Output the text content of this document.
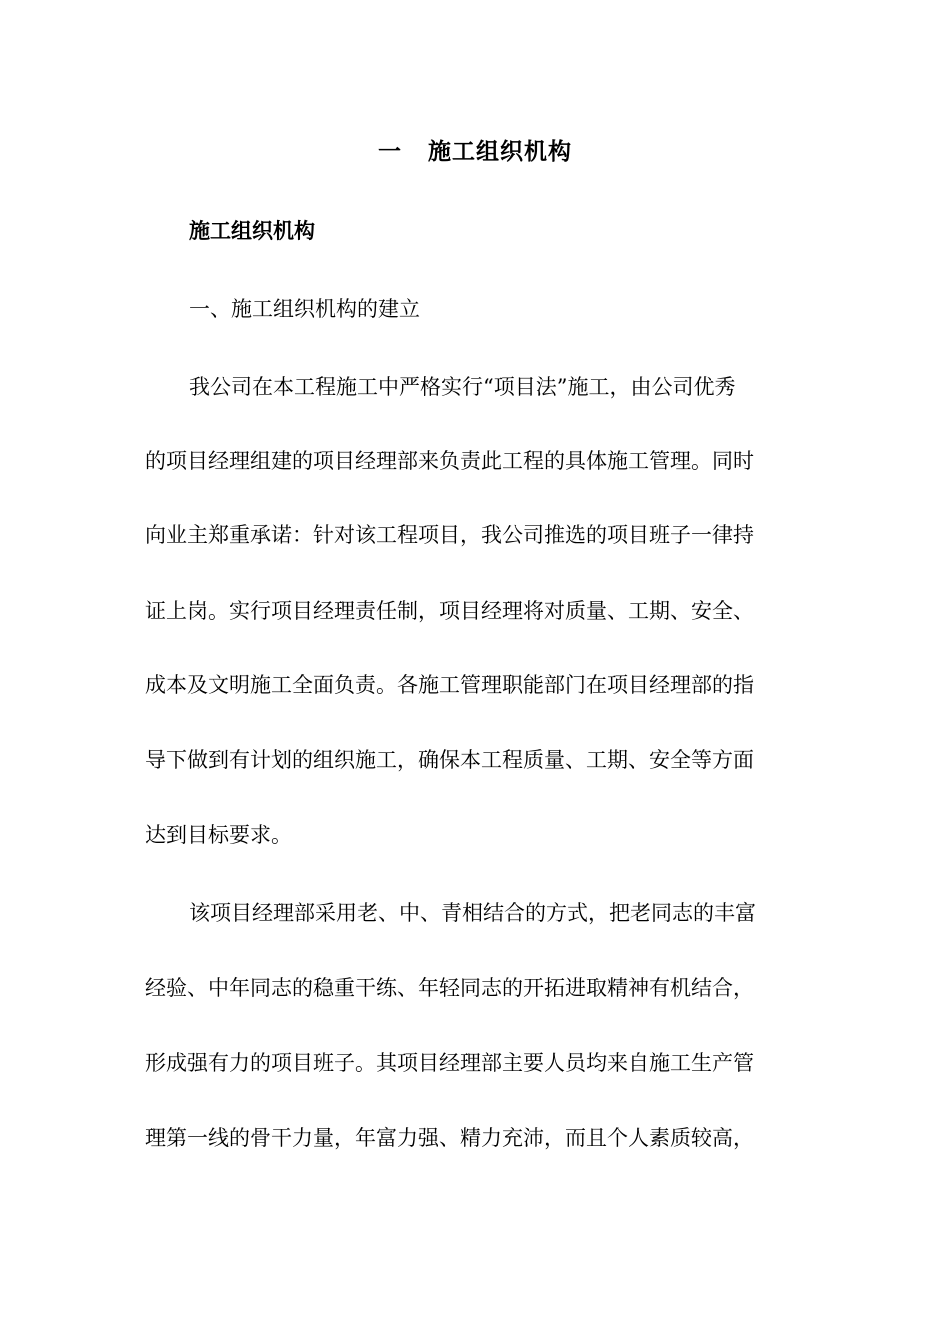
一 施工组织机构
施工组织机构
一、施工组织机构的建立
我公司在本工程施工中严格实行“项目法”施工，由公司优秀
的项目经理组建的项目经理部来负责此工程的具体施工管理。同时
向业主郑重承诺：针对该工程项目，我公司推选的项目班子一律持
证上岗。实行项目经理责任制，项目经理将对质量、工期、安全、
成本及文明施工全面负责。各施工管理职能部门在项目经理部的指
导下做到有计划的组织施工，确保本工程质量、工期、安全等方面
达到目标要求。
该项目经理部采用老、中、青相结合的方式，把老同志的丰富
经验、中年同志的稳重干练、年轻同志的开拓进取精神有机结合，
形成强有力的项目班子。其项目经理部主要人员均来自施工生产管
理第一线的骨干力量，年富力强、精力充沛，而且个人素质较高，
